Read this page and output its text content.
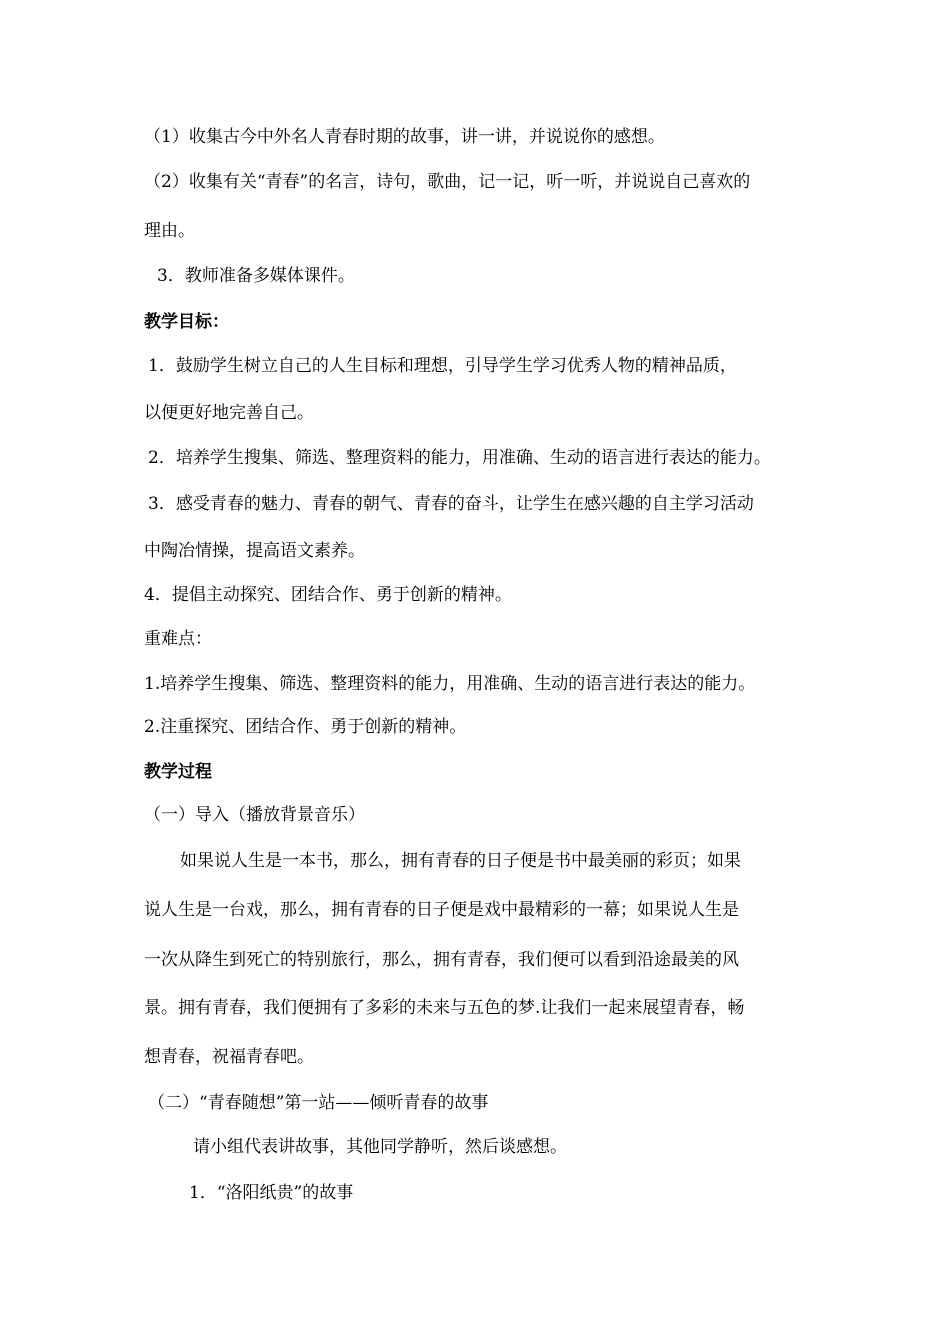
（1）收集古今中外名人青春时期的故事，讲一讲，并说说你的感想。
（2）收集有关“青春”的名言，诗句，歌曲，记一记，听一听，并说说自己喜欢的
理由。
3．教师准备多媒体课件。
教学目标：
1．鼓励学生树立自己的人生目标和理想，引导学生学习优秀人物的精神品质，
以便更好地完善自己。
2．培养学生搜集、筛选、整理资料的能力，用准确、生动的语言进行表达的能力。
3．感受青春的魅力、青春的朝气、青春的奋斗，让学生在感兴趣的自主学习活动
中陶冶情操，提高语文素养。
4．提倡主动探究、团结合作、勇于创新的精神。
重难点：
1.培养学生搜集、筛选、整理资料的能力，用准确、生动的语言进行表达的能力。
2.注重探究、团结合作、勇于创新的精神。
教学过程
（一）导入（播放背景音乐）
如果说人生是一本书，那么，拥有青春的日子便是书中最美丽的彩页；如果
说人生是一台戏，那么，拥有青春的日子便是戏中最精彩的一幕；如果说人生是
一次从降生到死亡的特别旅行，那么，拥有青春，我们便可以看到沿途最美的风
景。拥有青春，我们便拥有了多彩的未来与五色的梦.让我们一起来展望青春，畅
想青春，祝福青春吧。
（二）“青春随想”第一站——倾听青春的故事
请小组代表讲故事，其他同学静听，然后谈感想。
1．“洛阳纸贵”的故事
